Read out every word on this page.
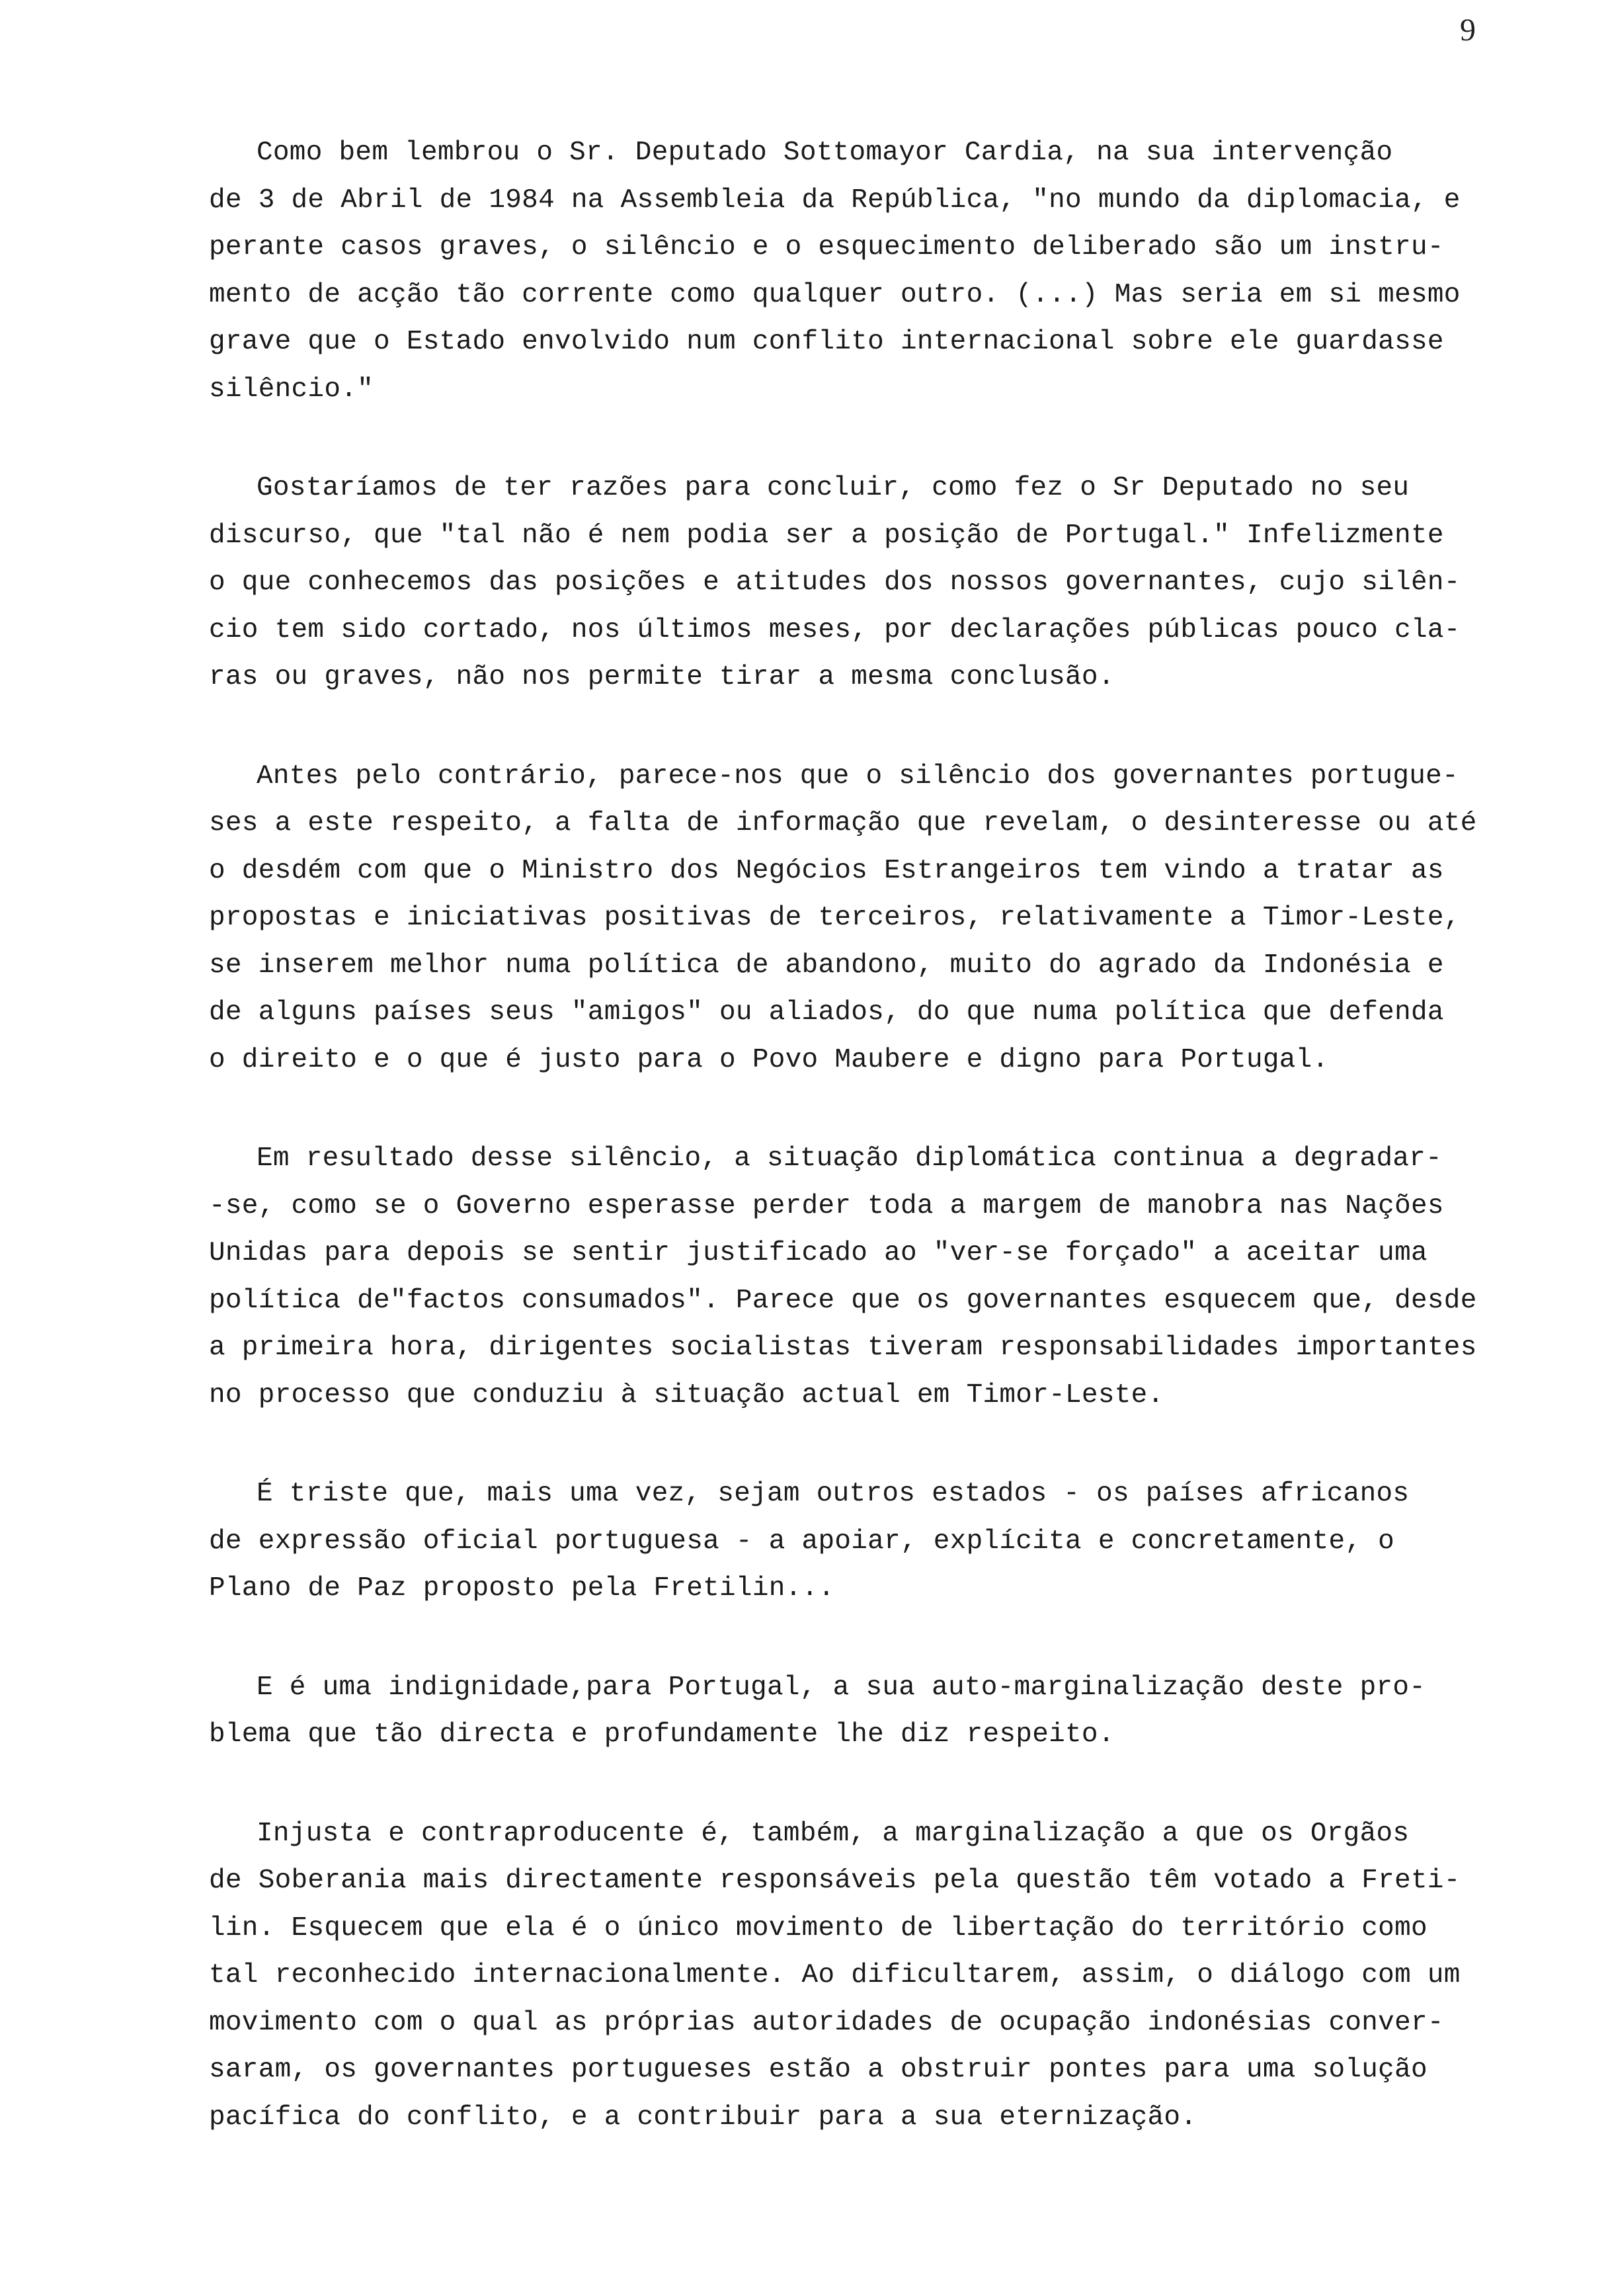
9

Como bem lembrou o Sr. Deputado Sottomayor Cardia, na sua intervenção
de 3 de Abril de 1984 na Assembleia da República, "no mundo da diplomacia, e
perante casos graves, o silêncio e o esquecimento deliberado são um instru-
mento de acção tão corrente como qualquer outro. (...) Mas seria em si mesmo
grave que o Estado envolvido num conflito internacional sobre ele guardasse
silêncio."

Gostaríamos de ter razões para concluir, como fez o Sr Deputado no seu
discurso, que "tal não é nem podia ser a posição de Portugal." Infelizmente
o que conhecemos das posições e atitudes dos nossos governantes, cujo silên-
cio tem sido cortado, nos últimos meses, por declarações públicas pouco cla-
ras ou graves, não nos permite tirar a mesma conclusão.

Antes pelo contrário, parece-nos que o silêncio dos governantes portugue-
ses a este respeito, a falta de informação que revelam, o desinteresse ou até
o desdém com que o Ministro dos Negócios Estrangeiros tem vindo a tratar as
propostas e iniciativas positivas de terceiros, relativamente a Timor-Leste,
se inserem melhor numa política de abandono, muito do agrado da Indonésia e
de alguns países seus "amigos" ou aliados, do que numa política que defenda
o direito e o que é justo para o Povo Maubere e digno para Portugal.

Em resultado desse silêncio, a situação diplomática continua a degradar-
-se, como se o Governo esperasse perder toda a margem de manobra nas Nações
Unidas para depois se sentir justificado ao "ver-se forçado" a aceitar uma
política de"factos consumados". Parece que os governantes esquecem que, desde
a primeira hora, dirigentes socialistas tiveram responsabilidades importantes
no processo que conduziu à situação actual em Timor-Leste.

É triste que, mais uma vez, sejam outros estados - os países africanos
de expressão oficial portuguesa - a apoiar, explícita e concretamente, o
Plano de Paz proposto pela Fretilin...

E é uma indignidade,para Portugal, a sua auto-marginalização deste pro-
blema que tão directa e profundamente lhe diz respeito.

Injusta e contraproducente é, também, a marginalização a que os Orgãos
de Soberania mais directamente responsáveis pela questão têm votado a Freti-
lin. Esquecem que ela é o único movimento de libertação do território como
tal reconhecido internacionalmente. Ao dificultarem, assim, o diálogo com um
movimento com o qual as próprias autoridades de ocupação indonésias conver-
saram, os governantes portugueses estão a obstruir pontes para uma solução
pacífica do conflito, e a contribuir para a sua eternização.
